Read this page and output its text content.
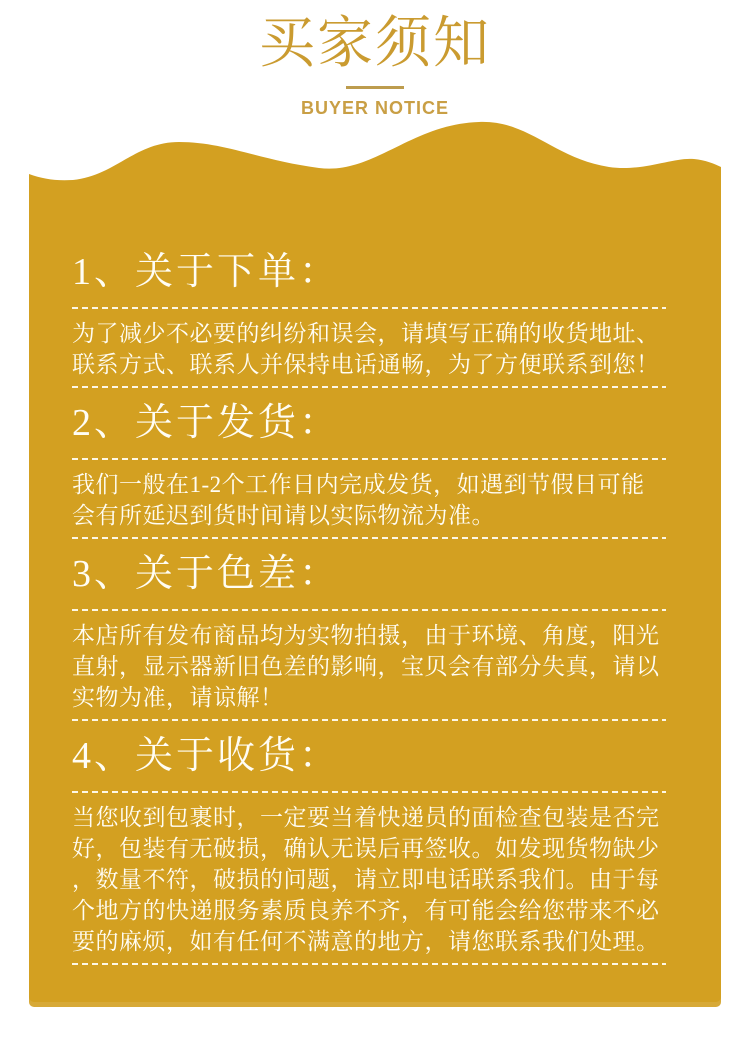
买家须知
BUYER NOTICE
1、关于下单：

为了减少不必要的纠纷和误会，请填写正确的收货地址、联系方式、联系人并保持电话通畅，为了方便联系到您！

2、关于发货：

我们一般在1-2个工作日内完成发货，如遇到节假日可能会有所延迟到货时间请以实际物流为准。

3、关于色差：

本店所有发布商品均为实物拍摄，由于环境、角度，阳光直射，显示器新旧色差的影响，宝贝会有部分失真，请以实物为准，请谅解！

4、关于收货：

当您收到包裹时，一定要当着快递员的面检查包装是否完好，包装有无破损，确认无误后再签收。如发现货物缺少，数量不符，破损的问题，请立即电话联系我们。由于每个地方的快递服务素质良养不齐，有可能会给您带来不必要的麻烦，如有任何不满意的地方，请您联系我们处理。
